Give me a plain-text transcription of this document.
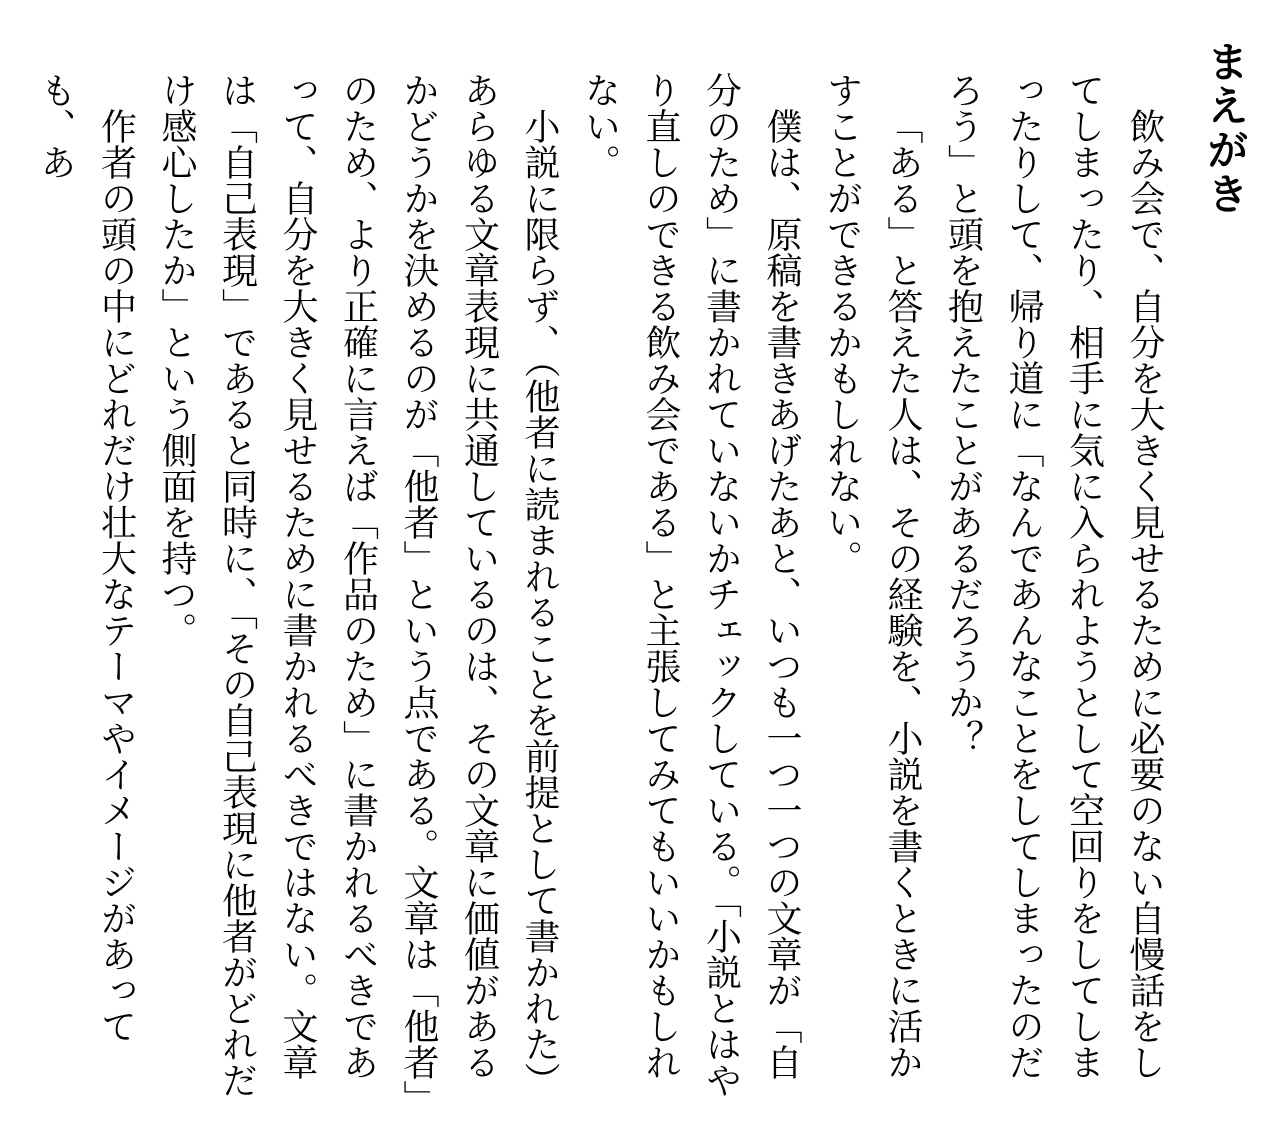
まえがき

飲み会で、自分を大きく見せるために必要のない自慢話をしてしまったり、相手に気に入られようとして空回りをしてしまったりして、帰り道に「なんであんなことをしてしまったのだろう」と頭を抱えたことがあるだろうか？

「ある」と答えた人は、その経験を、小説を書くときに活かすことができるかもしれない。

僕は、原稿を書きあげたあと、いつも一つ一つの文章が「自分のため」に書かれていないかチェックしている。「小説とはやり直しのできる飲み会である」と主張してみてもいいかもしれない。

小説に限らず、（他者に読まれることを前提として書かれた）あらゆる文章表現に共通しているのは、その文章に価値があるかどうかを決めるのが「他者」という点である。文章は「他者」のため、より正確に言えば「作品のため」に書かれるべきであって、自分を大きく見せるために書かれるべきではない。文章は「自己表現」であると同時に、「その自己表現に他者がどれだけ感心したか」という側面を持つ。

作者の頭の中にどれだけ壮大なテーマやイメージがあっても、あ
